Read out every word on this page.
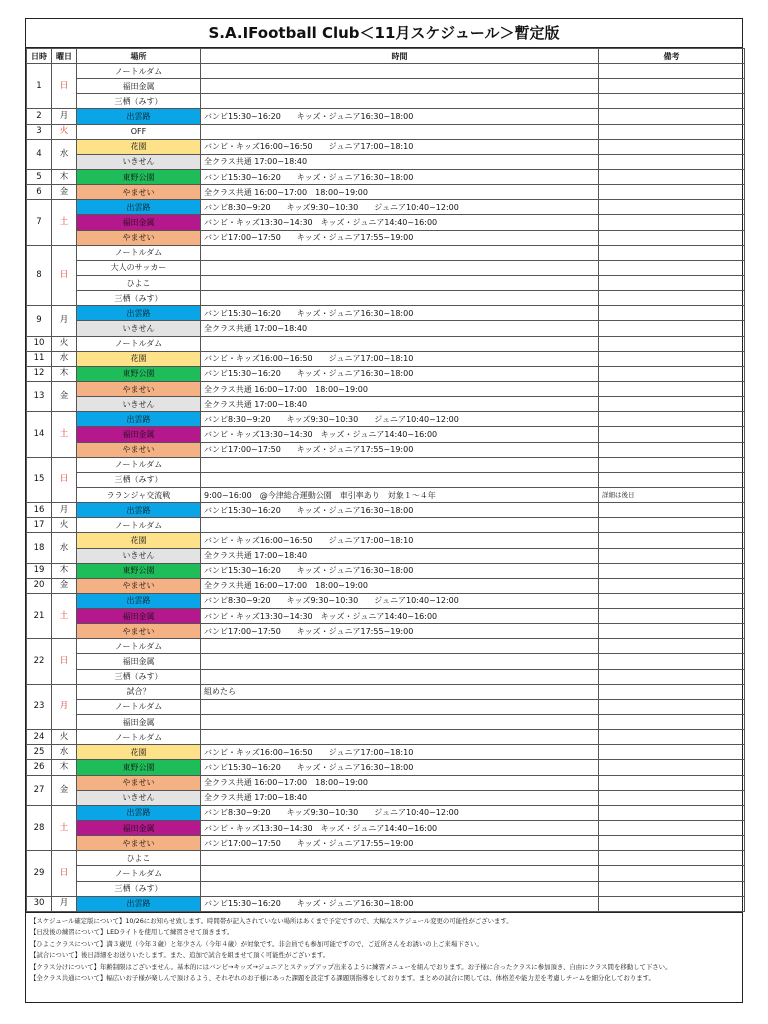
S.A.IFootball Club＜11月スケジュール＞暫定版
日時	曜日	場所	時間	備考
1	日	ノートルダム		
		福田金属		
		三栖（みす）		
2	月	出雲路	バンビ15:30~16:20　　キッズ・ジュニア16:30~18:00	
3	火	OFF		
4	水	花園	バンビ・キッズ16:00~16:50　　ジュニア17:00~18:10	
		いきせん	全クラス共通 17:00~18:40	
5	木	東野公園	バンビ15:30~16:20　　キッズ・ジュニア16:30~18:00	
6	金	やませい	全クラス共通 16:00~17:00　18:00~19:00	
7	土	出雲路	バンビ8:30~9:20　　キッズ9:30~10:30　　ジュニア10:40~12:00	
		福田金属	バンビ・キッズ13:30~14:30　キッズ・ジュニア14:40~16:00	
		やませい	バンビ17:00~17:50　　キッズ・ジュニア17:55~19:00	
8	日	ノートルダム		
		大人のサッカー		
		ひよこ		
		三栖（みす）		
9	月	出雲路	バンビ15:30~16:20　　キッズ・ジュニア16:30~18:00	
		いきせん	全クラス共通 17:00~18:40	
10	火	ノートルダム		
11	水	花園	バンビ・キッズ16:00~16:50　　ジュニア17:00~18:10	
12	木	東野公園	バンビ15:30~16:20　　キッズ・ジュニア16:30~18:00	
13	金	やませい	全クラス共通 16:00~17:00　18:00~19:00	
		いきせん	全クラス共通 17:00~18:40	
14	土	出雲路	バンビ8:30~9:20　　キッズ9:30~10:30　　ジュニア10:40~12:00	
		福田金属	バンビ・キッズ13:30~14:30　キッズ・ジュニア14:40~16:00	
		やませい	バンビ17:00~17:50　　キッズ・ジュニア17:55~19:00	
15	日	ノートルダム		
		三栖（みす）		
		ラランジャ交流戦	9:00~16:00　@今津総合運動公園　車引率あり　対象１～４年	詳細は後日
16	月	出雲路	バンビ15:30~16:20　　キッズ・ジュニア16:30~18:00	
17	火	ノートルダム		
18	水	花園	バンビ・キッズ16:00~16:50　　ジュニア17:00~18:10	
		いきせん	全クラス共通 17:00~18:40	
19	木	東野公園	バンビ15:30~16:20　　キッズ・ジュニア16:30~18:00	
20	金	やませい	全クラス共通 16:00~17:00　18:00~19:00	
21	土	出雲路	バンビ8:30~9:20　　キッズ9:30~10:30　　ジュニア10:40~12:00	
		福田金属	バンビ・キッズ13:30~14:30　キッズ・ジュニア14:40~16:00	
		やませい	バンビ17:00~17:50　　キッズ・ジュニア17:55~19:00	
22	日	ノートルダム		
		福田金属		
		三栖（みす）		
23	月	試合？	組めたら	
		ノートルダム		
		福田金属		
24	火	ノートルダム		
25	水	花園	バンビ・キッズ16:00~16:50　　ジュニア17:00~18:10	
26	木	東野公園	バンビ15:30~16:20　　キッズ・ジュニア16:30~18:00	
27	金	やませい	全クラス共通 16:00~17:00　18:00~19:00	
		いきせん	全クラス共通 17:00~18:40	
28	土	出雲路	バンビ8:30~9:20　　キッズ9:30~10:30　　ジュニア10:40~12:00	
		福田金属	バンビ・キッズ13:30~14:30　キッズ・ジュニア14:40~16:00	
		やませい	バンビ17:00~17:50　　キッズ・ジュニア17:55~19:00	
29	日	ひよこ		
		ノートルダム		
		三栖（みす）		
30	月	出雲路	バンビ15:30~16:20　　キッズ・ジュニア16:30~18:00	
【スケジュール確定版について】10/26にお知らせ致します。時間帯が記入されていない場所はあくまで予定ですので、大幅なスケジュール変更の可能性がございます。
【日没後の練習について】LEDライトを使用して練習させて頂きます。
【ひよこクラスについて】満３歳児（今年３歳）と年少さん（今年４歳）が対象です。非会員でも参加可能ですので、ご近所さんをお誘いの上ご来場下さい。
【試合について】後日詳細をお送りいたします。また、追加で試合を組ませて頂く可能性がございます。
【クラス分けについて】年齢制限はございません。基本的にはバンビ→キッズ→ジュニアとステップアップ出来るように練習メニューを組んでおります。お子様に合ったクラスに参加頂き、自由にクラス間を移動して下さい。
【全クラス共通について】幅広いお子様が楽しんで頂けるよう、それぞれのお子様にあった課題を設定する課題別指導をしております。まとめの試合に関しては、体格差や能力差を考慮しチームを細分化しております。
